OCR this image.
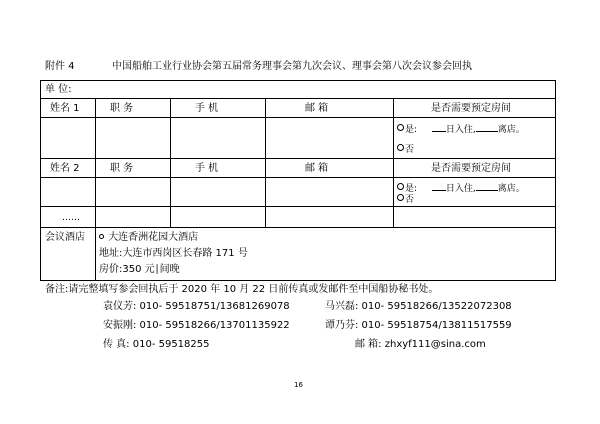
附件 4	中国船舶工业行业协会第五届常务理事会第九次会议、理事会第八次会议参会回执
单 位:
姓名 1	职 务	手 机	邮 箱	是否需要预定房间
是:	日入住, 离店。
否
姓名 2	职 务	手 机	邮 箱	是否需要预定房间
是:	日入住, 离店。
否
……
会议酒店	大连香洲花园大酒店
地址:大连市西岗区长春路 171 号
房价:350 元∣间晚
备注:请完整填写参会回执后于 2020 年 10 月 22 日前传真或发邮件至中国船协秘书处。
袁仪芳: 010- 59518751/13681269078	马兴磊: 010- 59518266/13522072308
安振刚: 010- 59518266/13701135922	谭乃芬: 010- 59518754/13811517559
传 真: 010- 59518255	邮 箱: zhxyf111@sina.com
16
